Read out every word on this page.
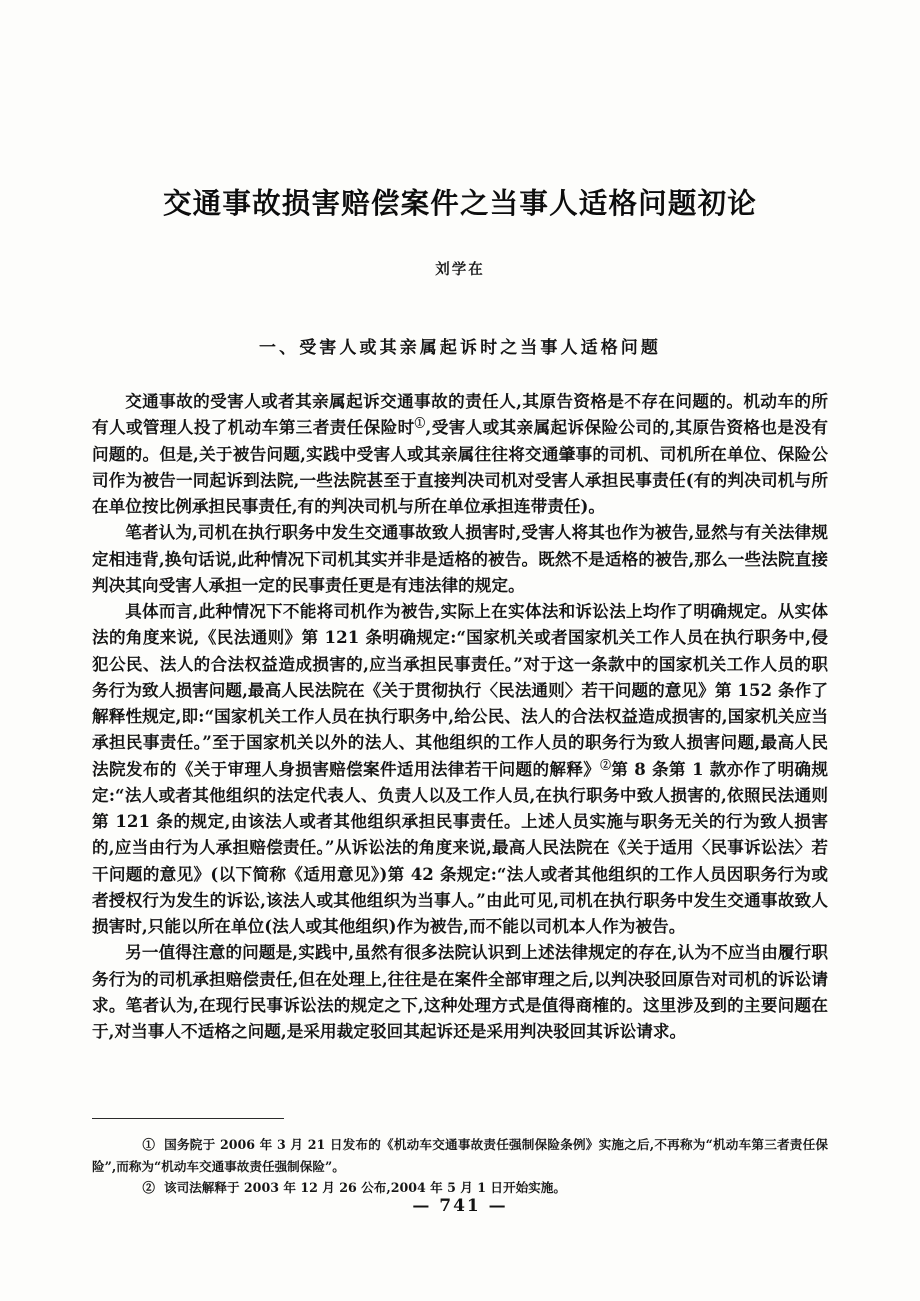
交通事故损害赔偿案件之当事人适格问题初论

刘学在

一、受害人或其亲属起诉时之当事人适格问题

交通事故的受害人或者其亲属起诉交通事故的责任人,其原告资格是不存在问题的。机动车的所有人或管理人投了机动车第三者责任保险时①,受害人或其亲属起诉保险公司的,其原告资格也是没有问题的。但是,关于被告问题,实践中受害人或其亲属往往将交通肇事的司机、司机所在单位、保险公司作为被告一同起诉到法院,一些法院甚至于直接判决司机对受害人承担民事责任(有的判决司机与所在单位按比例承担民事责任,有的判决司机与所在单位承担连带责任)。

笔者认为,司机在执行职务中发生交通事故致人损害时,受害人将其也作为被告,显然与有关法律规定相违背,换句话说,此种情况下司机其实并非是适格的被告。既然不是适格的被告,那么一些法院直接判决其向受害人承担一定的民事责任更是有违法律的规定。

具体而言,此种情况下不能将司机作为被告,实际上在实体法和诉讼法上均作了明确规定。从实体法的角度来说,《民法通则》第 121 条明确规定:“国家机关或者国家机关工作人员在执行职务中,侵犯公民、法人的合法权益造成损害的,应当承担民事责任。”对于这一条款中的国家机关工作人员的职务行为致人损害问题,最高人民法院在《关于贯彻执行〈民法通则〉若干问题的意见》第 152 条作了解释性规定,即:“国家机关工作人员在执行职务中,给公民、法人的合法权益造成损害的,国家机关应当承担民事责任。”至于国家机关以外的法人、其他组织的工作人员的职务行为致人损害问题,最高人民法院发布的《关于审理人身损害赔偿案件适用法律若干问题的解释》②第 8 条第 1 款亦作了明确规定:“法人或者其他组织的法定代表人、负责人以及工作人员,在执行职务中致人损害的,依照民法通则第 121 条的规定,由该法人或者其他组织承担民事责任。上述人员实施与职务无关的行为致人损害的,应当由行为人承担赔偿责任。”从诉讼法的角度来说,最高人民法院在《关于适用〈民事诉讼法〉若干问题的意见》(以下简称《适用意见》)第 42 条规定:“法人或者其他组织的工作人员因职务行为或者授权行为发生的诉讼,该法人或其他组织为当事人。”由此可见,司机在执行职务中发生交通事故致人损害时,只能以所在单位(法人或其他组织)作为被告,而不能以司机本人作为被告。

另一值得注意的问题是,实践中,虽然有很多法院认识到上述法律规定的存在,认为不应当由履行职务行为的司机承担赔偿责任,但在处理上,往往是在案件全部审理之后,以判决驳回原告对司机的诉讼请求。笔者认为,在现行民事诉讼法的规定之下,这种处理方式是值得商榷的。这里涉及到的主要问题在于,对当事人不适格之问题,是采用裁定驳回其起诉还是采用判决驳回其诉讼请求。

① 国务院于 2006 年 3 月 21 日发布的《机动车交通事故责任强制保险条例》实施之后,不再称为“机动车第三者责任保险”,而称为“机动车交通事故责任强制保险”。

② 该司法解释于 2003 年 12 月 26 公布,2004 年 5 月 1 日开始实施。

— 741 —
